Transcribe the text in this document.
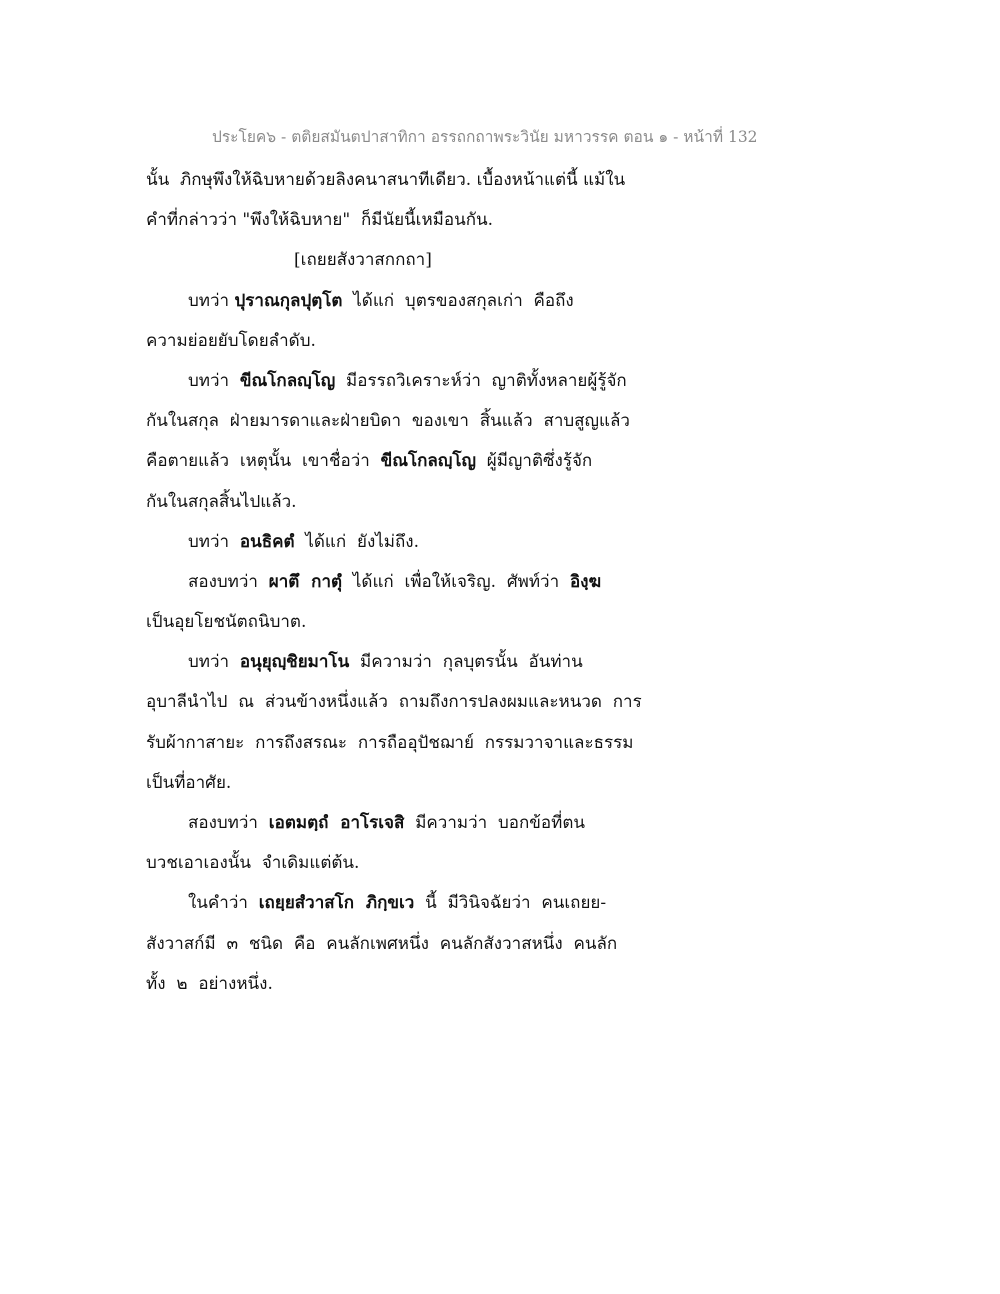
ประโยค๖ - ตติยสมันตปาสาทิกา อรรถกถาพระวินัย มหาวรรค ตอน ๑ - หน้าที่ 132
นั้น  ภิกษุพึงให้ฉิบหายด้วยลิงคนาสนาทีเดียว. เบื้องหน้าแต่นี้ แม้ใน
คำที่กล่าวว่า "พึงให้ฉิบหาย"  ก็มีนัยนี้เหมือนกัน.
[เถยยสังวาสกกถา]
บทว่า ปุราณกุลปุตฺโต  ได้แก่  บุตรของสกุลเก่า  คือถึง
ความย่อยยับโดยลำดับ.
บทว่า  ขีณโกลญฺโญ  มีอรรถวิเคราะห์ว่า  ญาติทั้งหลายผู้รู้จัก
กันในสกุล  ฝ่ายมารดาและฝ่ายบิดา  ของเขา  สิ้นแล้ว  สาบสูญแล้ว
คือตายแล้ว  เหตุนั้น  เขาชื่อว่า  ขีณโกลญฺโญ  ผู้มีญาติซึ่งรู้จัก
กันในสกุลสิ้นไปแล้ว.
บทว่า  อนธิคตํ  ได้แก่  ยังไม่ถึง.
สองบทว่า  ผาตึ  กาตุํ  ได้แก่  เพื่อให้เจริญ.  ศัพท์ว่า  อิงฺฆ
เป็นอุยโยชนัตถนิบาต.
บทว่า  อนุยุญฺชิยมาโน  มีความว่า  กุลบุตรนั้น  อันท่าน
อุบาลีนำไป  ณ  ส่วนข้างหนึ่งแล้ว  ถามถึงการปลงผมและหนวด  การ
รับผ้ากาสายะ  การถึงสรณะ  การถืออุปัชฌาย์  กรรมวาจาและธรรม
เป็นที่อาศัย.
สองบทว่า  เอตมตฺถํ  อาโรเจสิ  มีความว่า  บอกข้อที่ตน
บวชเอาเองนั้น  จำเดิมแต่ต้น.
ในคำว่า  เถยฺยสํวาสโก  ภิกฺขเว  นี้  มีวินิจฉัยว่า  คนเถยย-
สังวาสก์มี  ๓  ชนิด  คือ  คนลักเพศหนึ่ง  คนลักสังวาสหนึ่ง  คนลัก
ทั้ง  ๒  อย่างหนึ่ง.
